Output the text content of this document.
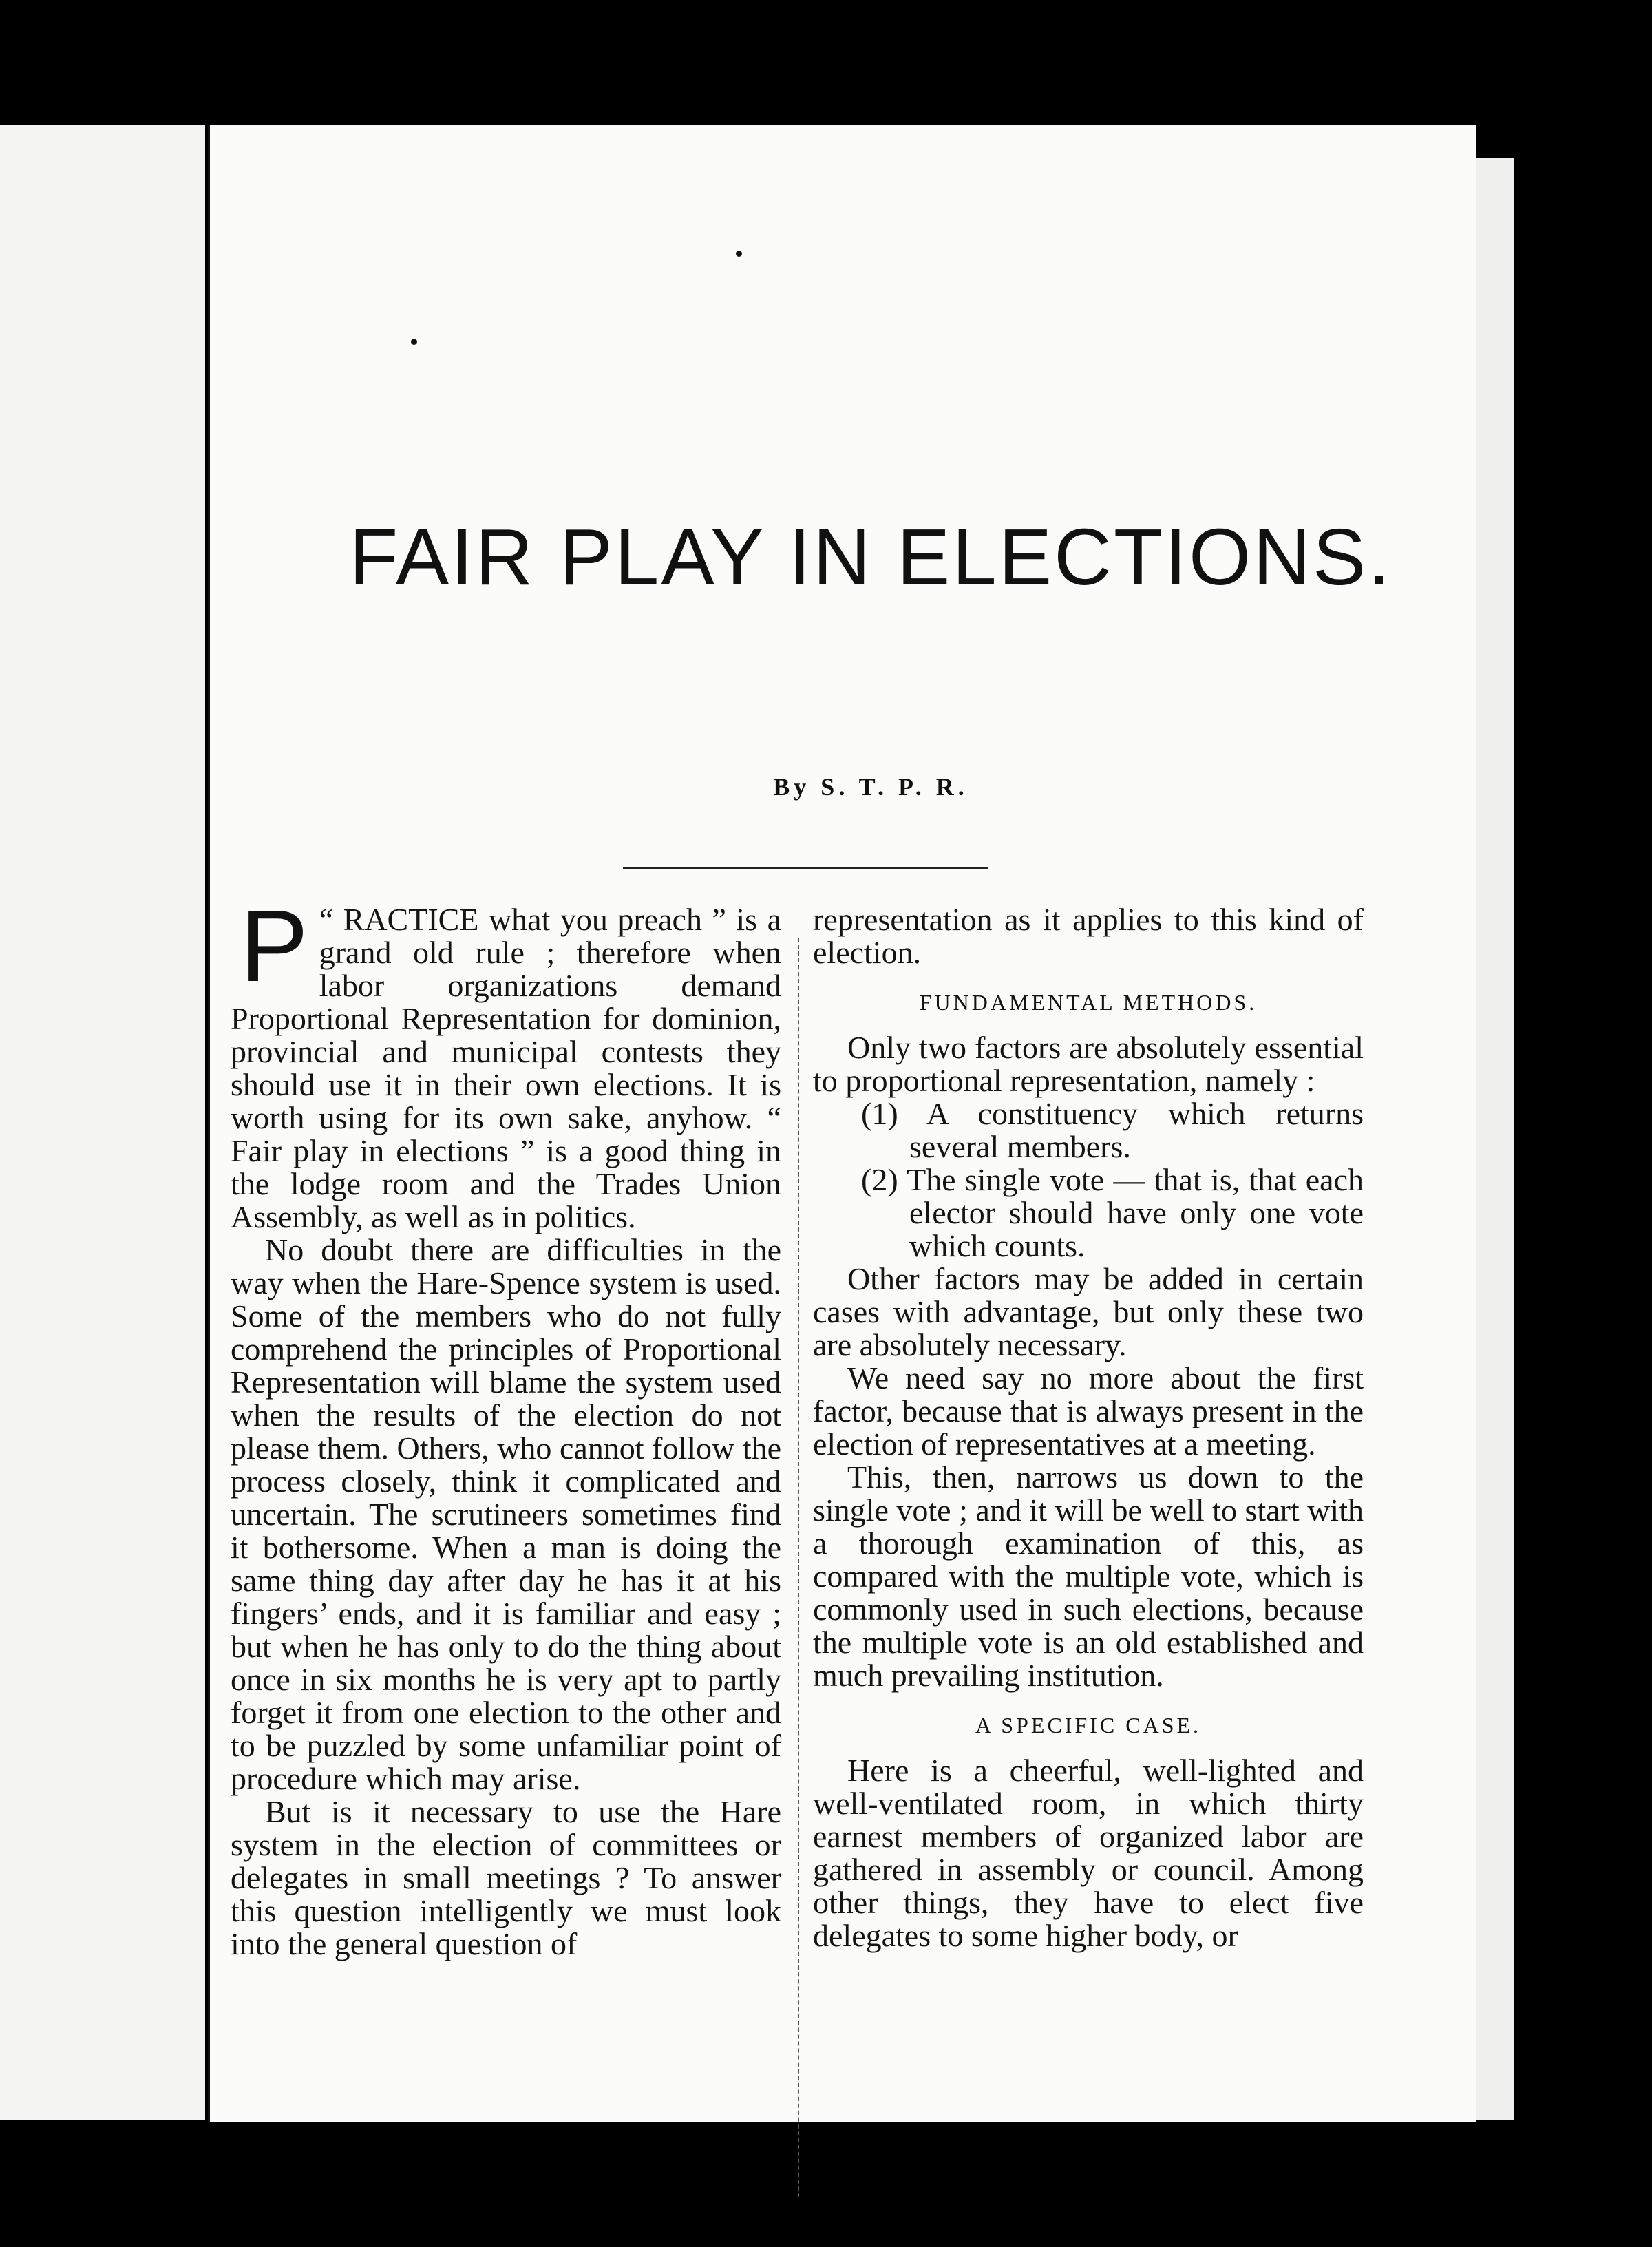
FAIR PLAY IN ELECTIONS.
By S. T. P. R.

P “ RACTICE what you preach ” is a grand old rule ; therefore when labor organizations demand Proportional Representation for dominion, provincial and municipal contests they should use it in their own elections. It is worth using for its own sake, anyhow. “ Fair play in elections ” is a good thing in the lodge room and the Trades Union Assembly, as well as in politics.

No doubt there are difficulties in the way when the Hare-Spence system is used. Some of the members who do not fully comprehend the principles of Proportional Representation will blame the system used when the results of the election do not please them. Others, who cannot follow the process closely, think it complicated and uncertain. The scrutineers sometimes find it bothersome. When a man is doing the same thing day after day he has it at his fingers’ ends, and it is familiar and easy ; but when he has only to do the thing about once in six months he is very apt to partly forget it from one election to the other and to be puzzled by some unfamiliar point of procedure which may arise.

But is it necessary to use the Hare system in the election of committees or delegates in small meetings ? To answer this question intelligently we must look into the general question of

representation as it applies to this kind of election.

FUNDAMENTAL METHODS.

Only two factors are absolutely essential to proportional representation, namely :

(1) A constituency which returns several members.

(2) The single vote — that is, that each elector should have only one vote which counts.

Other factors may be added in certain cases with advantage, but only these two are absolutely necessary.

We need say no more about the first factor, because that is always present in the election of representatives at a meeting.

This, then, narrows us down to the single vote ; and it will be well to start with a thorough examination of this, as compared with the multiple vote, which is commonly used in such elections, because the multiple vote is an old established and much prevailing institution.

A SPECIFIC CASE.

Here is a cheerful, well-lighted and well-ventilated room, in which thirty earnest members of organized labor are gathered in assembly or council. Among other things, they have to elect five delegates to some higher body, or
